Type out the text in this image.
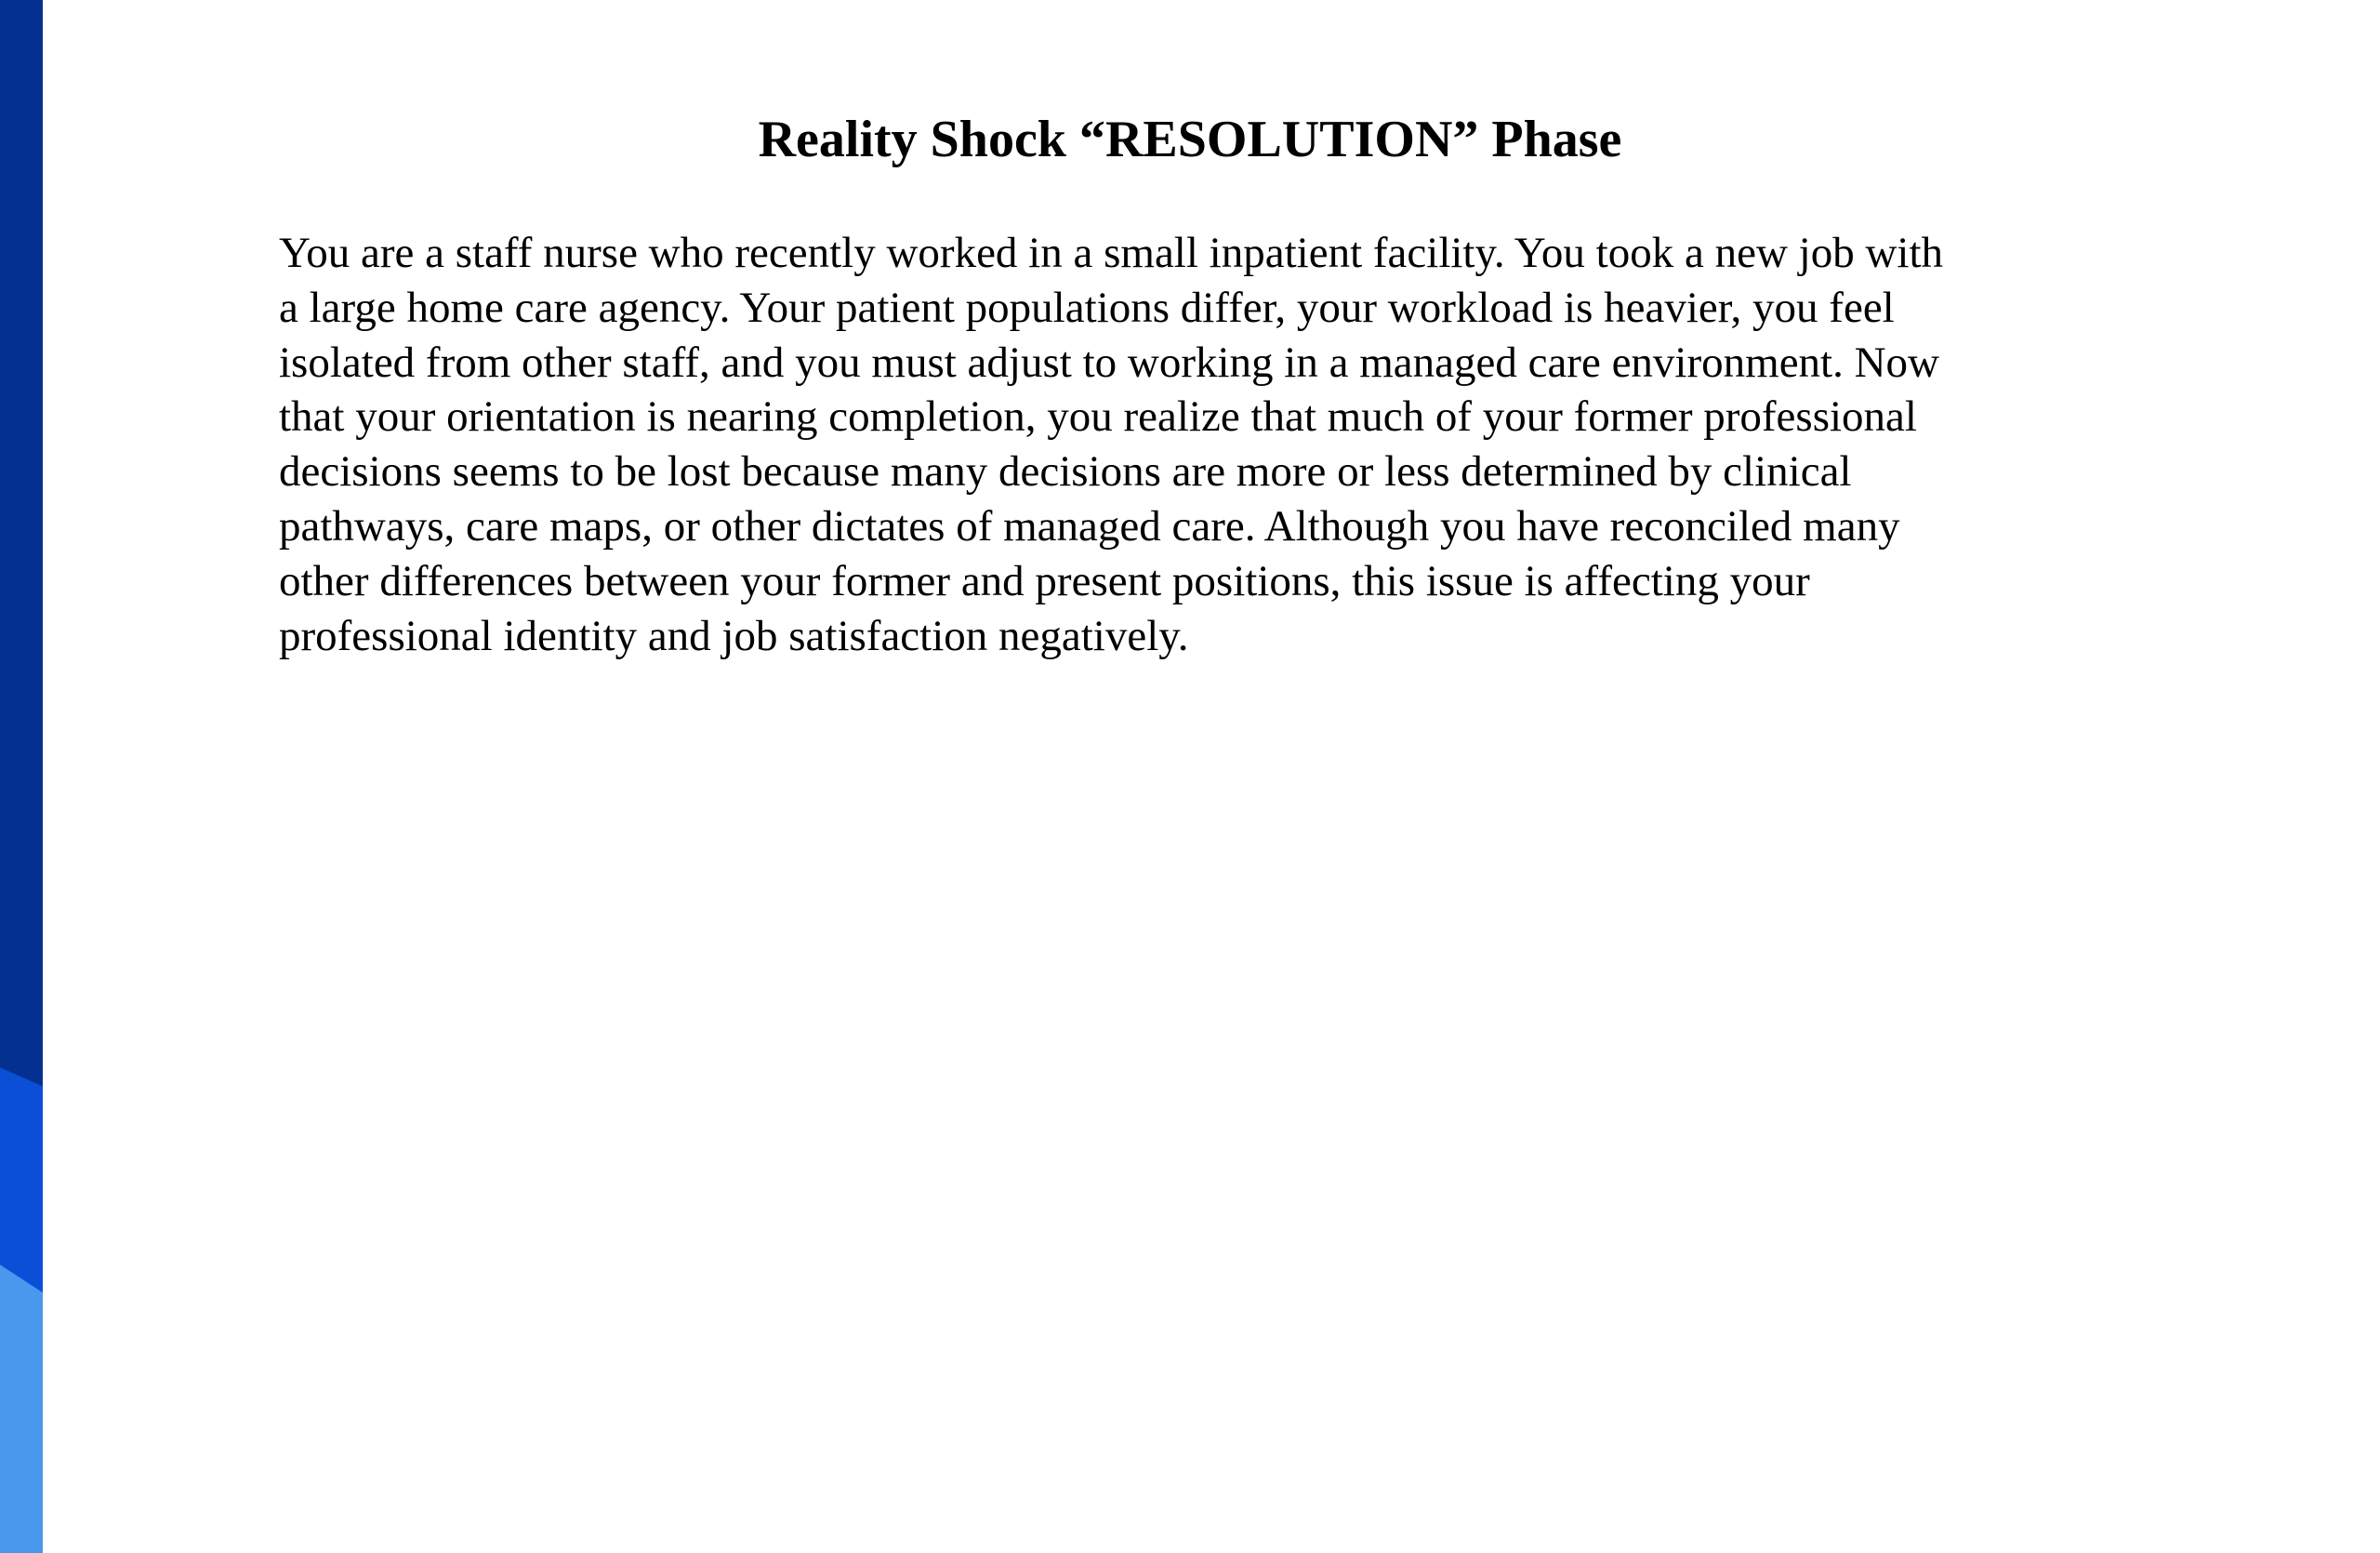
Reality Shock “RESOLUTION” Phase

You are a staff nurse who recently worked in a small inpatient facility. You took a new job with
a large home care agency. Your patient populations differ, your workload is heavier, you feel
isolated from other staff, and you must adjust to working in a managed care environment. Now
that your orientation is nearing completion, you realize that much of your former professional
decisions seems to be lost because many decisions are more or less determined by clinical
pathways, care maps, or other dictates of managed care. Although you have reconciled many
other differences between your former and present positions, this issue is affecting your
professional identity and job satisfaction negatively.
